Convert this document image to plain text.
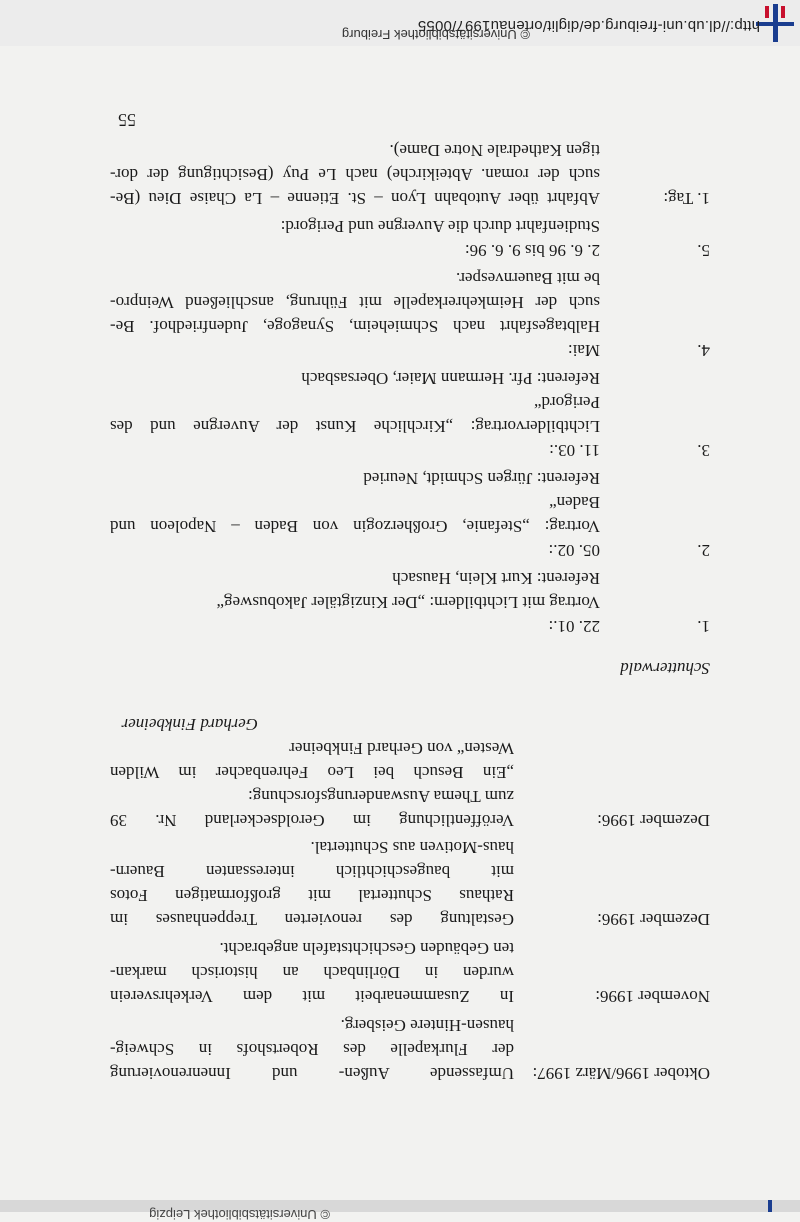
© Universitätsbibliothek Leipzig
http://dl.ub.uni-freiburg.de/diglit/ortenau1997/0055
© Universitätsbibliothek Freiburg
Oktober 1996/März 1997:
Umfassende Außen- und Innenrenovierung
der Flurkapelle des Robertshofs in Schweig-
hausen-Hintere Geisberg.
November 1996:
In Zusammenarbeit mit dem Verkehrsverein
wurden in Dörlinbach an historisch markan-
ten Gebäuden Geschichtstafeln angebracht.
Dezember 1996:
Gestaltung des renovierten Treppenhauses im
Rathaus Schuttertal mit großformatigen Fotos
mit baugeschichtlich interessanten Bauern-
haus-Motiven aus Schuttertal.
Dezember 1996:
Veröffentlichung im Geroldseckerland Nr. 39
zum Thema Auswanderungsforschung:
„Ein Besuch bei Leo Fehrenbacher im Wilden
Westen“ von Gerhard Finkbeiner
Gerhard Finkbeiner
Schutterwald
1.
22. 01.:
Vortrag mit Lichtbildern: „Der Kinzigtäler Jakobusweg“
Referent: Kurt Klein, Hausach
2.
05. 02.:
Vortrag: „Stefanie, Großherzogin von Baden – Napoleon und
Baden“
Referent: Jürgen Schmidt, Neuried
3.
11. 03.:
Lichtbildervortrag: „Kirchliche Kunst der Auvergne und des
Perigord“
Referent: Pfr. Hermann Maier, Obersasbach
4.
Mai:
Halbtagesfahrt nach Schmieheim, Synagoge, Judenfriedhof. Be-
such der Heimkehrerkapelle mit Führung, anschließend Weinpro-
be mit Bauernvesper.
5.
2. 6. 96 bis 9. 6. 96:
Studienfahrt durch die Auvergne und Perigord:
1. Tag:
Abfahrt über Autobahn Lyon – St. Etienne – La Chaise Dieu (Be-
such der roman. Abteikirche) nach Le Puy (Besichtigung der dor-
tigen Kathedrale Notre Dame).
55
